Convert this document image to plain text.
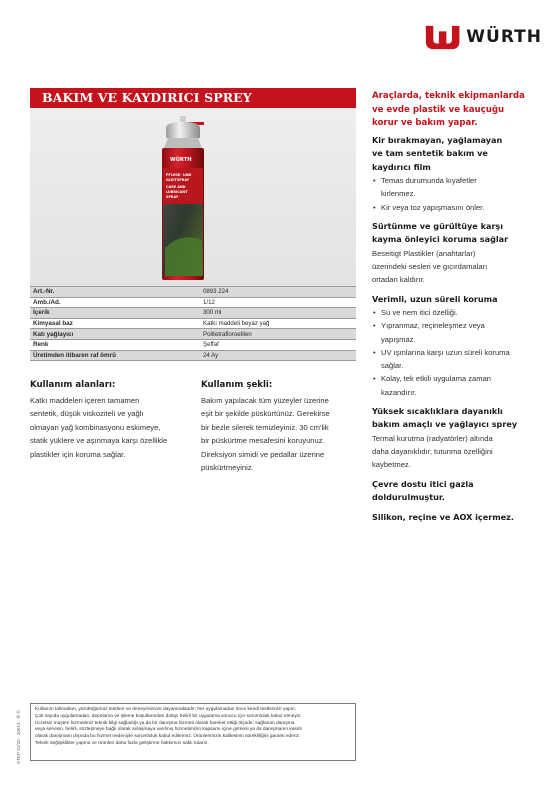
WÜRTH
BAKIM VE KAYDIRICI SPREY
WÜRTH
PFLEGE- UND
GLEITSPRAY
CARE AND
LUBRICANT
SPRAY
Art.-Nr.	0893 224
Amb./Ad.	1/12
İçerik	300 ml
Kimyasal baz	Katkı maddeli beyaz yağ
Katı yağlayıcı	Politetrafloroetilen
Renk	Şeffaf
Üretimden itibaren raf ömrü	24 Ay
Kullanım alanları:
Katkı maddeleri içeren tamamen
sentetik, düşük viskoziteli ve yağlı
olmayan yağ kombinasyonu eskimeye,
statik yüklere ve aşınmaya karşı özellikle
plastikler için koruma sağlar.
Kullanım şekli:
Bakım yapılacak tüm yüzeyler üzerine
eşit bir şekilde püskürtünüz. Gerekirse
bir bezle silerek temizleyiniz. 30 cm'lik
bir püskürtme mesafesini koruyunuz.
Direksiyon simidi ve pedallar üzerine
püskürtmeyiniz.
Araçlarda, teknik ekipmanlarda
ve evde plastik ve kauçuğu
korur ve bakım yapar.
Kir bırakmayan, yağlamayan
ve tam sentetik bakım ve
kaydırıcı film
• Temas durumunda kıyafetler
kirlenmez.
• Kir veya toz yapışmasını önler.
Sürtünme ve gürültüye karşı
kayma önleyici koruma sağlar
Beseitigt Plastikler (anahtarlar)
üzerindeki sesleri ve gıcırdamaları
ortadan kaldırır.
Verimli, uzun süreli koruma
• Su ve nem itici özelliği.
• Yıpranmaz, reçineleşmez veya
yapışmaz.
• UV ışınlarına karşı uzun süreli koruma
sağlar.
• Kolay, tek etkili uygulama zaman
kazandırır.
Yüksek sıcaklıklara dayanıklı
bakım amaçlı ve yağlayıcı sprey
Termal kurutma (radyatörler) altında
daha dayanıklıdır, tutunma özelliğini
kaybetmez.
Çevre dostu itici gazla
doldurulmuştur.
Silikon, reçine ve AOX içermez.
Kullanım talimatları, yürüttüğümüz testlere ve deneyimimize dayanmaktadır; her uygulamadan önce kendi testlerinizi yapın.
Çok sayıda uygulamadan, depolama ve işleme koşullarından dolayı belirli bir uygulama sonucu için sorumluluk kabul etmeyiz.
Ücretsiz müşteri hizmetimiz teknik bilgi sağladığı ya da bir danışma hizmeti olarak hareket ettiği ölçüde; sağlanan danışma
veya servisin, belirli, sözleşmeye bağlı olarak anlaşmaya varılmış hizmetimizin kapsamı içine girmesi ya da danışmanın kasıtlı
olarak danışmanı dışında bu hizmet nedeniyle sorumluluk kabul edilemez. Ürünlerimizin kalitesinin sürekliliğini garanti ederiz.
Teknik değişiklikler yapma ve ürünleri daha fazla geliştirme hakkımızı saklı tutarız.
STEP 01/20 · 20014 · ® ©
